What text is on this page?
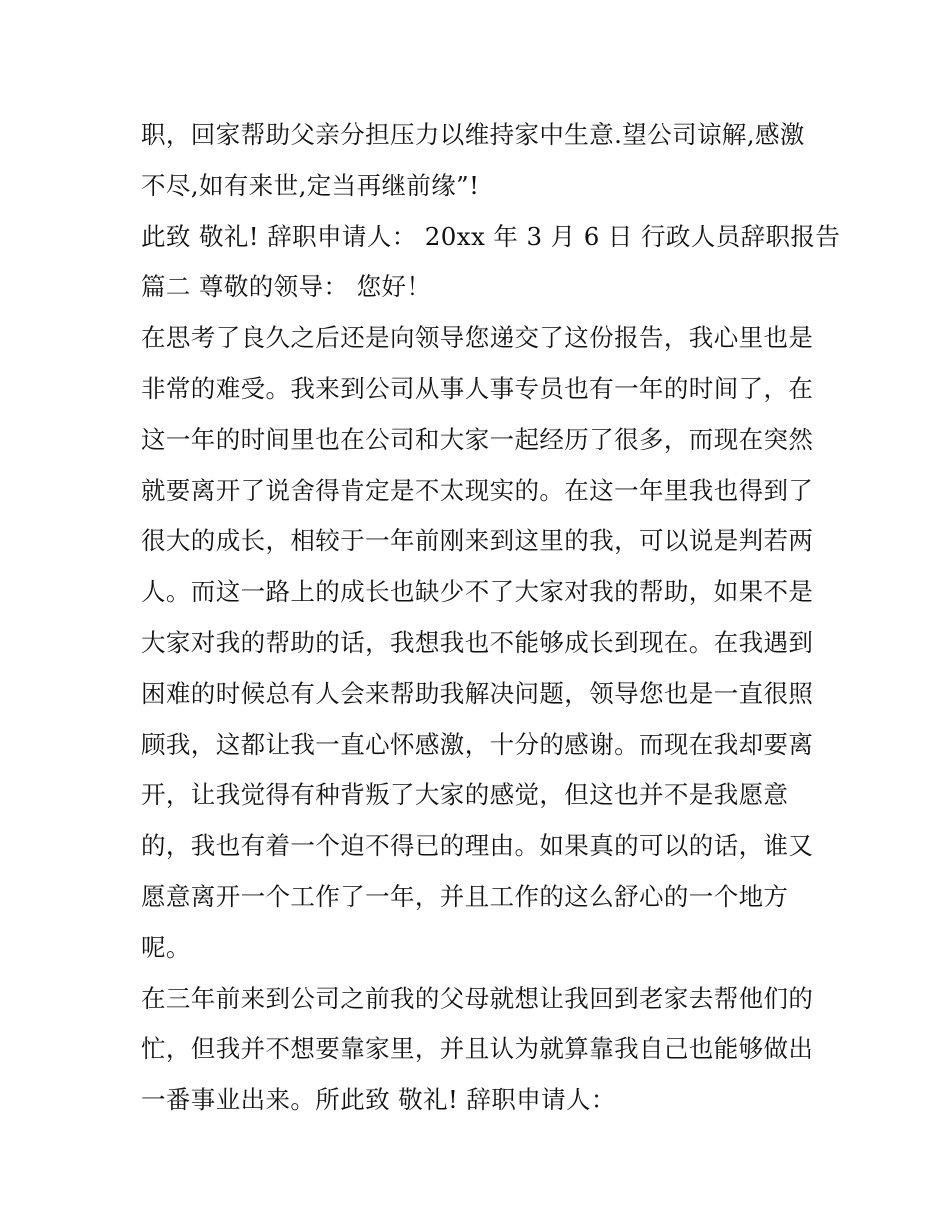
职，回家帮助父亲分担压力以维持家中生意.望公司谅解,感激
不尽,如有来世,定当再继前缘”!
此致 敬礼! 辞职申请人： 20xx 年 3 月 6 日 行政人员辞职报告
篇二 尊敬的领导： 您好！
在思考了良久之后还是向领导您递交了这份报告，我心里也是
非常的难受。我来到公司从事人事专员也有一年的时间了，在
这一年的时间里也在公司和大家一起经历了很多，而现在突然
就要离开了说舍得肯定是不太现实的。在这一年里我也得到了
很大的成长，相较于一年前刚来到这里的我，可以说是判若两
人。而这一路上的成长也缺少不了大家对我的帮助，如果不是
大家对我的帮助的话，我想我也不能够成长到现在。在我遇到
困难的时候总有人会来帮助我解决问题，领导您也是一直很照
顾我，这都让我一直心怀感激，十分的感谢。而现在我却要离
开，让我觉得有种背叛了大家的感觉，但这也并不是我愿意
的，我也有着一个迫不得已的理由。如果真的可以的话，谁又
愿意离开一个工作了一年，并且工作的这么舒心的一个地方
呢。
在三年前来到公司之前我的父母就想让我回到老家去帮他们的
忙，但我并不想要靠家里，并且认为就算靠我自己也能够做出
一番事业出来。所此致 敬礼! 辞职申请人：
